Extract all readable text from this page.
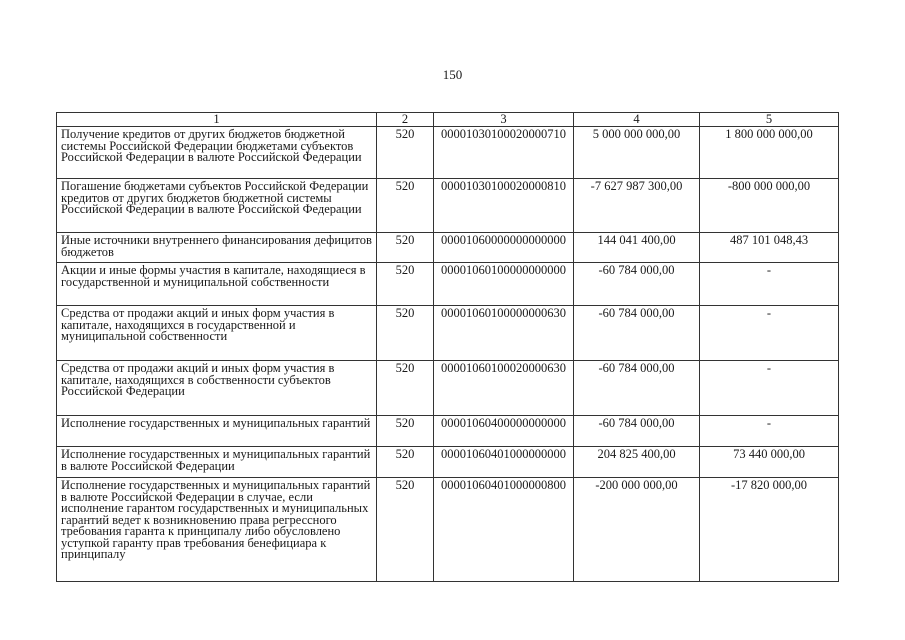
150
1	2	3	4	5
Получение кредитов от других бюджетов бюджетной системы Российской Федерации бюджетами субъектов Российской Федерации в валюте Российской Федерации	520	00001030100020000710	5 000 000 000,00	1 800 000 000,00
Погашение бюджетами субъектов Российской Федерации кредитов от других бюджетов бюджетной системы Российской Федерации в валюте Российской Федерации	520	00001030100020000810	-7 627 987 300,00	-800 000 000,00
Иные источники внутреннего финансирования дефицитов бюджетов	520	00001060000000000000	144 041 400,00	487 101 048,43
Акции и иные формы участия в капитале, находящиеся в государственной и муниципальной собственности	520	00001060100000000000	-60 784 000,00	-
Средства от продажи акций и иных форм участия в капитале, находящихся в государственной и муниципальной собственности	520	00001060100000000630	-60 784 000,00	-
Средства от продажи акций и иных форм участия в капитале, находящихся в собственности субъектов Российской Федерации	520	00001060100020000630	-60 784 000,00	-
Исполнение государственных и муниципальных гарантий	520	00001060400000000000	-60 784 000,00	-
Исполнение государственных и муниципальных гарантий в валюте Российской Федерации	520	00001060401000000000	204 825 400,00	73 440 000,00
Исполнение государственных и муниципальных гарантий в валюте Российской Федерации в случае, если исполнение гарантом государственных и муниципальных гарантий ведет к возникновению права регрессного требования гаранта к принципалу либо обусловлено уступкой гаранту прав требования бенефициара к принципалу	520	00001060401000000800	-200 000 000,00	-17 820 000,00
